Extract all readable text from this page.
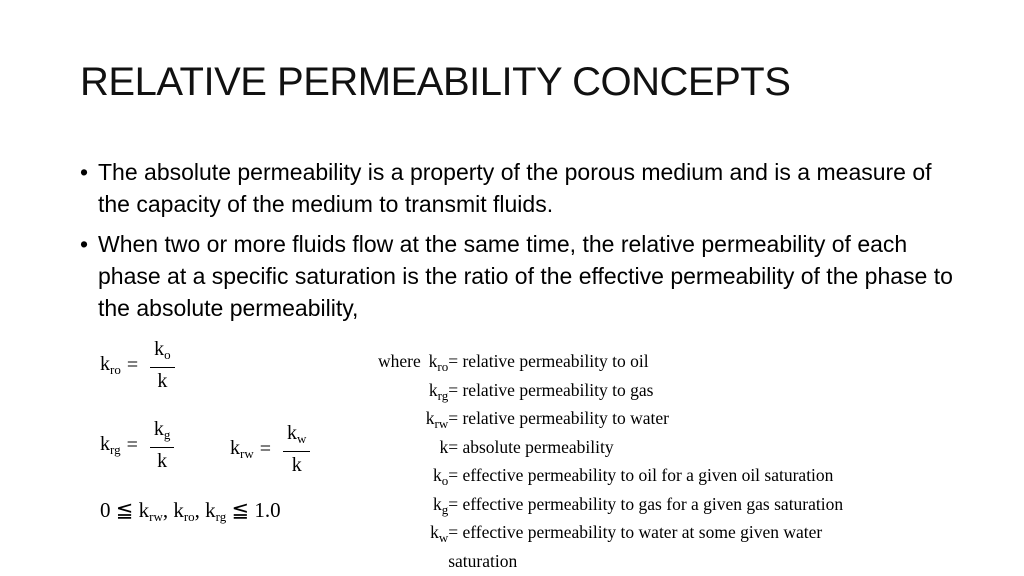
RELATIVE PERMEABILITY CONCEPTS
• The absolute permeability is a property of the porous medium and is a measure of the capacity of the medium to transmit fluids.
• When two or more fluids flow at the same time, the relative permeability of each phase at a specific saturation is the ratio of the effective permeability of the phase to the absolute permeability,
$k_{ro} = \frac{k_o}{k}$
$k_{rg} = \frac{k_g}{k}$	$k_{rw} = \frac{k_w}{k}$
0 ≦ $k_{rw}$, $k_{ro}$, $k_{rg}$ ≦ 1.0
where $k_{ro}$ = relative permeability to oil
$k_{rg}$ = relative permeability to gas
$k_{rw}$ = relative permeability to water
k = absolute permeability
$k_o$ = effective permeability to oil for a given oil saturation
$k_g$ = effective permeability to gas for a given gas saturation
$k_w$ = effective permeability to water at some given water
saturation
